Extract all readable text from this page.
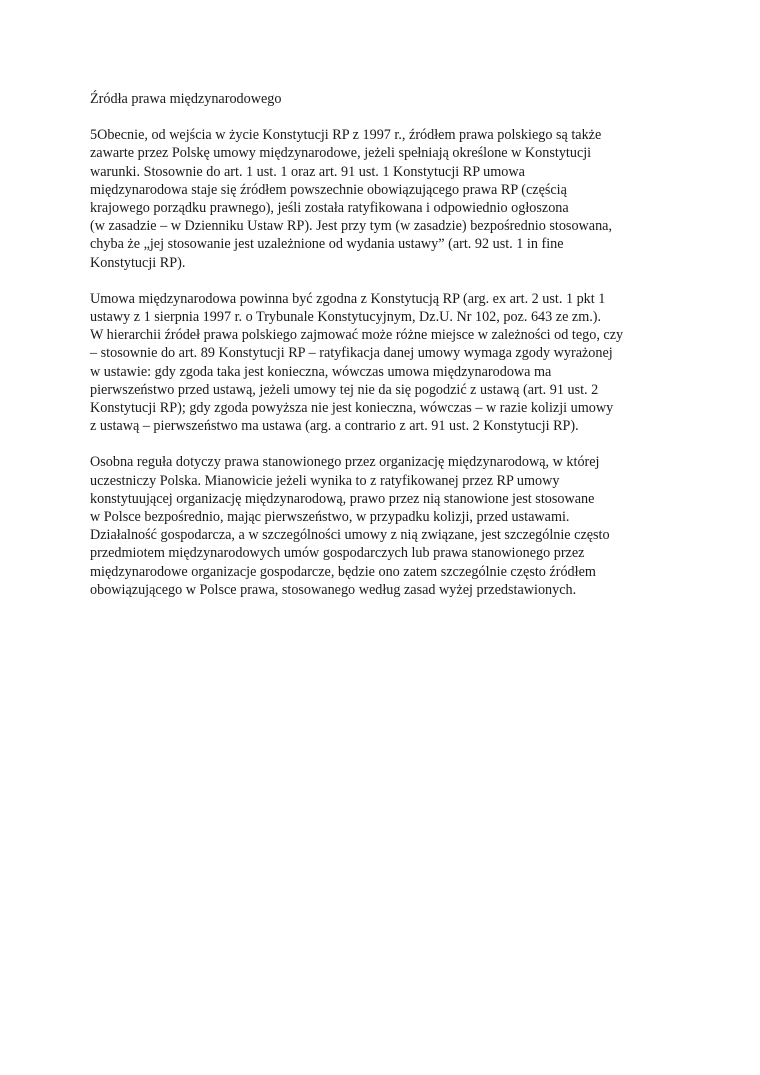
Źródła prawa międzynarodowego
5Obecnie, od wejścia w życie Konstytucji RP z 1997 r., źródłem prawa polskiego są także
zawarte przez Polskę umowy międzynarodowe, jeżeli spełniają określone w Konstytucji
warunki. Stosownie do art. 1 ust. 1 oraz art. 91 ust. 1 Konstytucji RP umowa
międzynarodowa staje się źródłem powszechnie obowiązującego prawa RP (częścią
krajowego porządku prawnego), jeśli została ratyfikowana i odpowiednio ogłoszona
(w zasadzie – w Dzienniku Ustaw RP). Jest przy tym (w zasadzie) bezpośrednio stosowana,
chyba że „jej stosowanie jest uzależnione od wydania ustawy” (art. 92 ust. 1 in fine
Konstytucji RP).
Umowa międzynarodowa powinna być zgodna z Konstytucją RP (arg. ex art. 2 ust. 1 pkt 1
ustawy z 1 sierpnia 1997 r. o Trybunale Konstytucyjnym, Dz.U. Nr 102, poz. 643 ze zm.).
W hierarchii źródeł prawa polskiego zajmować może różne miejsce w zależności od tego, czy
– stosownie do art. 89 Konstytucji RP – ratyfikacja danej umowy wymaga zgody wyrażonej
w ustawie: gdy zgoda taka jest konieczna, wówczas umowa międzynarodowa ma
pierwszeństwo przed ustawą, jeżeli umowy tej nie da się pogodzić z ustawą (art. 91 ust. 2
Konstytucji RP); gdy zgoda powyższa nie jest konieczna, wówczas – w razie kolizji umowy
z ustawą – pierwszeństwo ma ustawa (arg. a contrario z art. 91 ust. 2 Konstytucji RP).
Osobna reguła dotyczy prawa stanowionego przez organizację międzynarodową, w której
uczestniczy Polska. Mianowicie jeżeli wynika to z ratyfikowanej przez RP umowy
konstytuującej organizację międzynarodową, prawo przez nią stanowione jest stosowane
w Polsce bezpośrednio, mając pierwszeństwo, w przypadku kolizji, przed ustawami.
Działalność gospodarcza, a w szczególności umowy z nią związane, jest szczególnie często
przedmiotem międzynarodowych umów gospodarczych lub prawa stanowionego przez
międzynarodowe organizacje gospodarcze, będzie ono zatem szczególnie często źródłem
obowiązującego w Polsce prawa, stosowanego według zasad wyżej przedstawionych.
